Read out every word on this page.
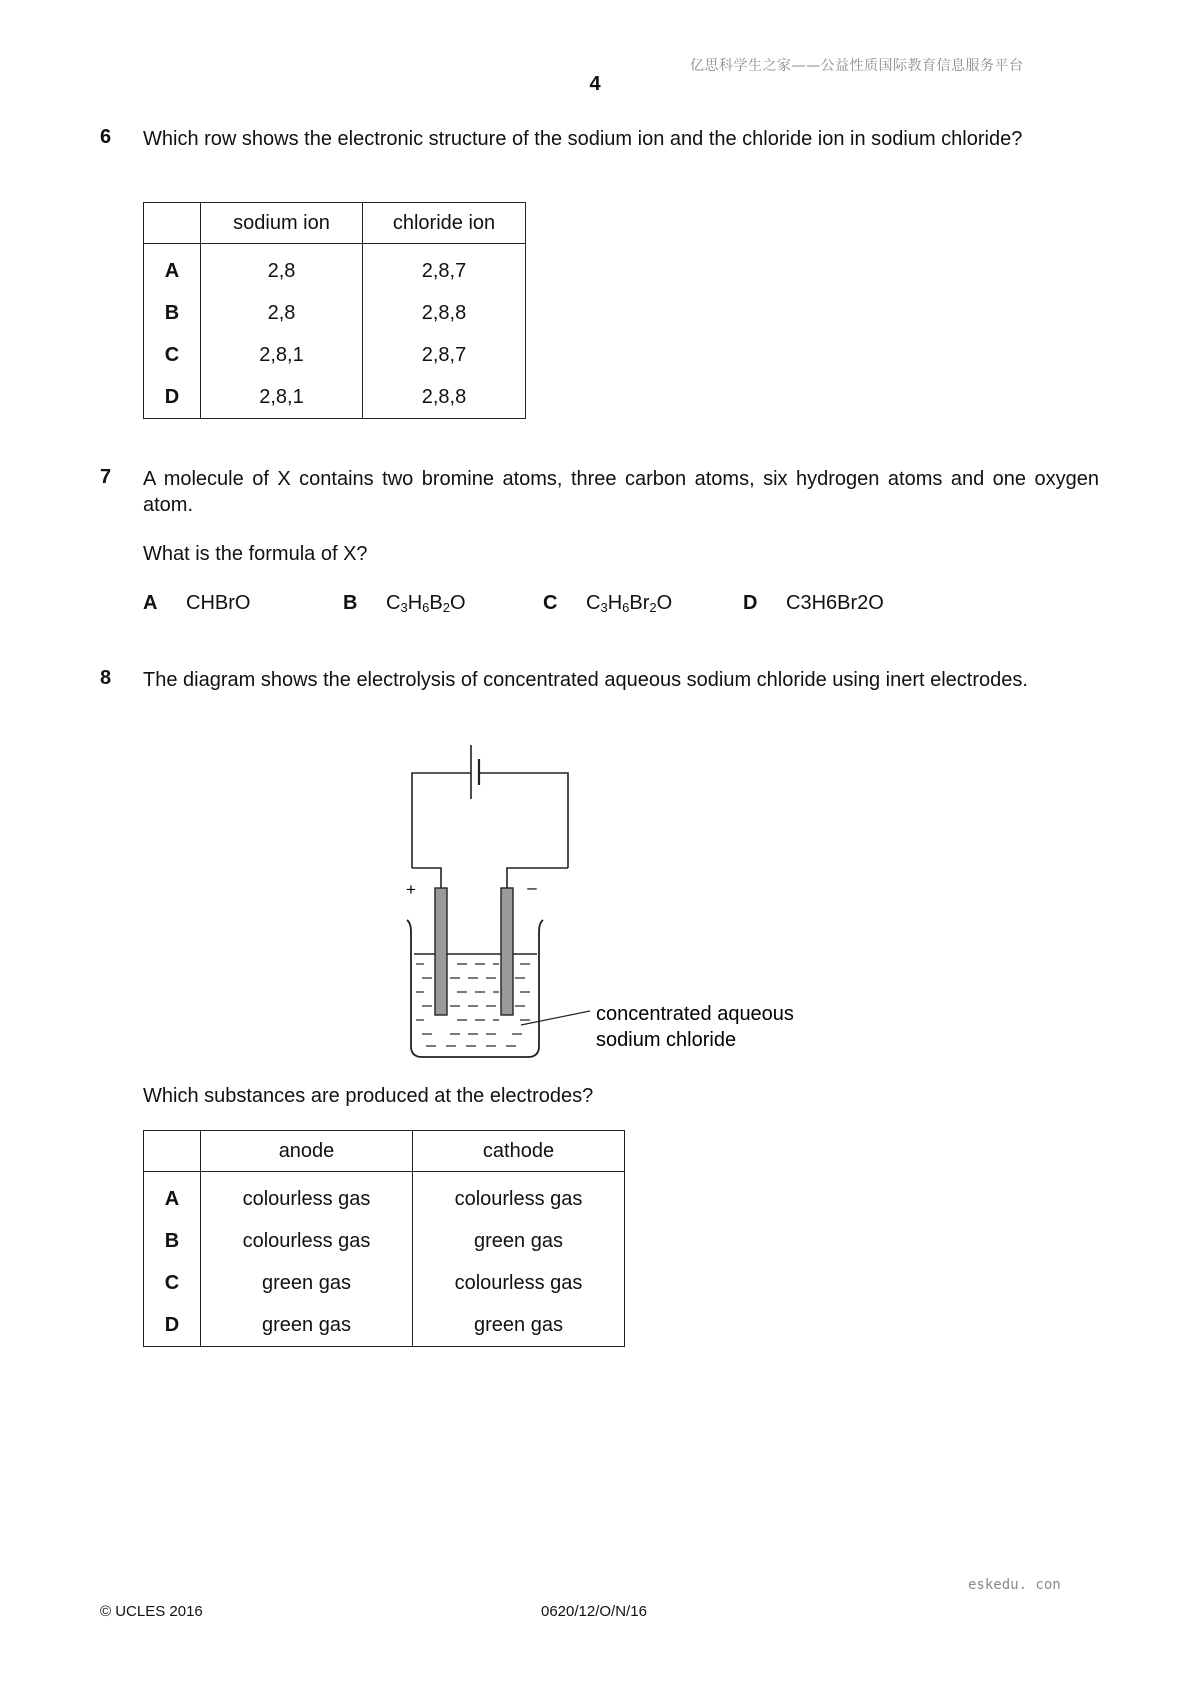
亿思科学生之家——公益性质国际教育信息服务平台
4
6 Which row shows the electronic structure of the sodium ion and the chloride ion in sodium chloride?
	sodium ion	chloride ion
A	2,8	2,8,7
B	2,8	2,8,8
C	2,8,1	2,8,7
D	2,8,1	2,8,8
7 A molecule of X contains two bromine atoms, three carbon atoms, six hydrogen atoms and one oxygen atom.
What is the formula of X?
A CHBrO	B $C_3H_6B_2O$	C $C_3H_6Br_2O$	D C3H6Br2O
8 The diagram shows the electrolysis of concentrated aqueous sodium chloride using inert electrodes.
+	–
concentrated aqueous
sodium chloride
Which substances are produced at the electrodes?
	anode	cathode
A	colourless gas	colourless gas
B	colourless gas	green gas
C	green gas	colourless gas
D	green gas	green gas
eskedu. con
© UCLES 2016	0620/12/O/N/16
